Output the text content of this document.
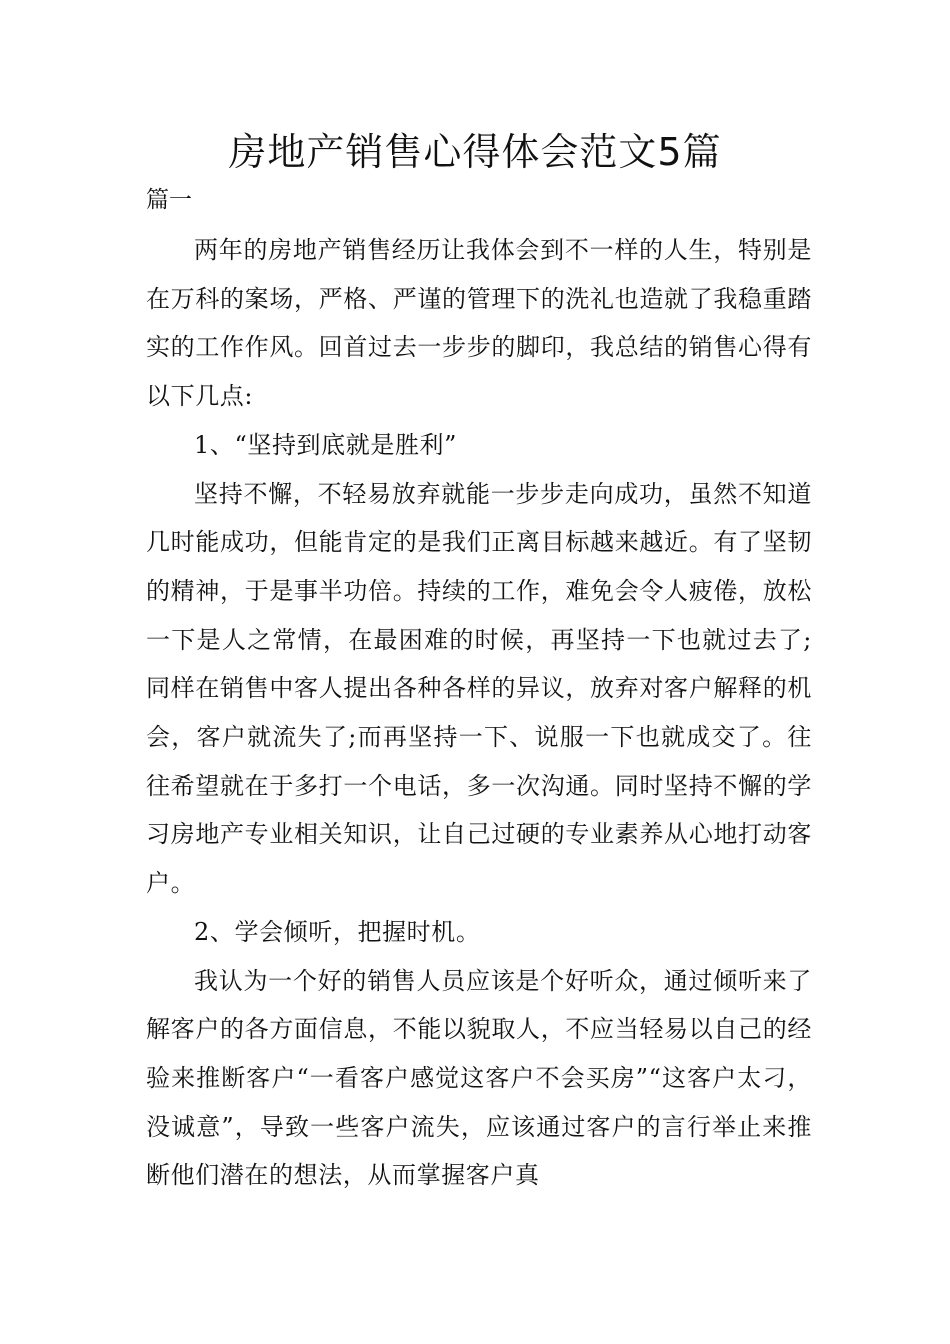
房地产销售心得体会范文5篇

篇一

两年的房地产销售经历让我体会到不一样的人生，特别是在万科的案场，严格、严谨的管理下的洗礼也造就了我稳重踏实的工作作风。回首过去一步步的脚印，我总结的销售心得有以下几点:

1、“坚持到底就是胜利”

坚持不懈，不轻易放弃就能一步步走向成功，虽然不知道几时能成功，但能肯定的是我们正离目标越来越近。有了坚韧的精神，于是事半功倍。持续的工作，难免会令人疲倦，放松一下是人之常情，在最困难的时候，再坚持一下也就过去了;同样在销售中客人提出各种各样的异议，放弃对客户解释的机会，客户就流失了;而再坚持一下、说服一下也就成交了。往往希望就在于多打一个电话，多一次沟通。同时坚持不懈的学习房地产专业相关知识，让自己过硬的专业素养从心地打动客户。

2、学会倾听，把握时机。

我认为一个好的销售人员应该是个好听众，通过倾听来了解客户的各方面信息，不能以貌取人，不应当轻易以自己的经验来推断客户“一看客户感觉这客户不会买房”“这客户太刁，没诚意”，导致一些客户流失，应该通过客户的言行举止来推断他们潜在的想法，从而掌握客户真
